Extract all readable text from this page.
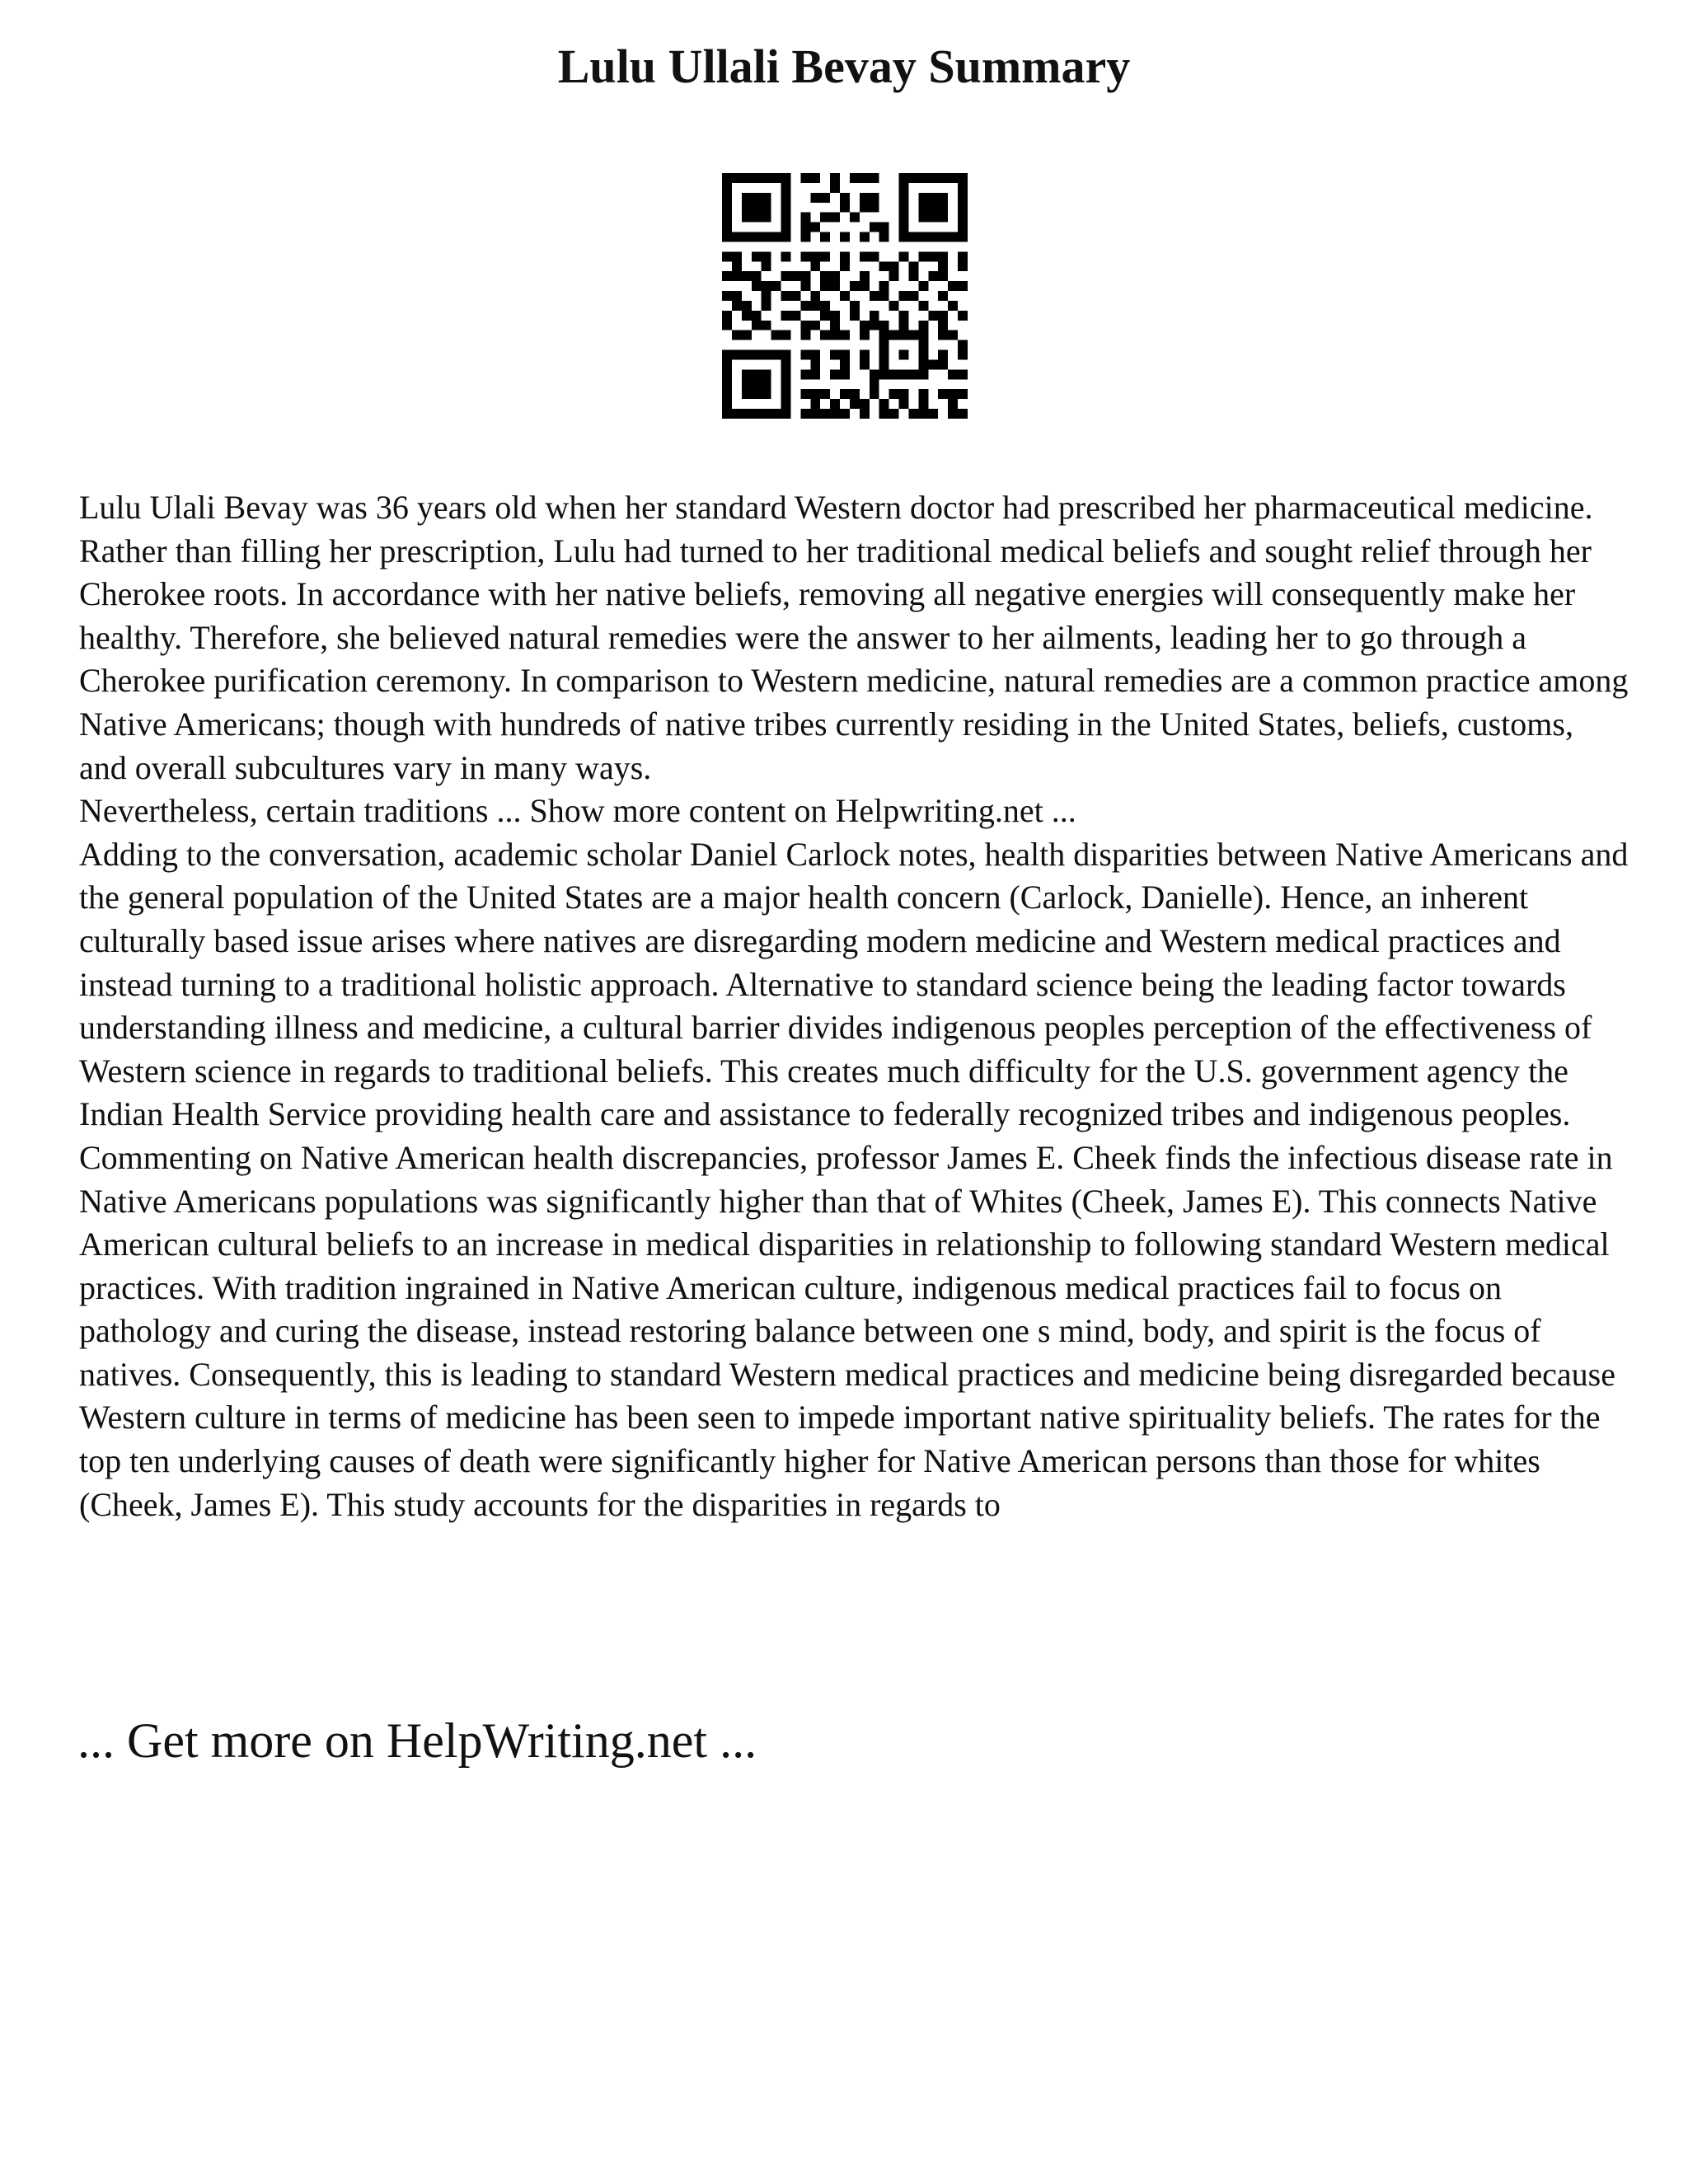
Lulu Ullali Bevay Summary

Lulu Ulali Bevay was 36 years old when her standard Western doctor had prescribed her pharmaceutical medicine. Rather than filling her prescription, Lulu had turned to her traditional medical beliefs and sought relief through her Cherokee roots. In accordance with her native beliefs, removing all negative energies will consequently make her healthy. Therefore, she believed natural remedies were the answer to her ailments, leading her to go through a Cherokee purification ceremony. In comparison to Western medicine, natural remedies are a common practice among Native Americans; though with hundreds of native tribes currently residing in the United States, beliefs, customs, and overall subcultures vary in many ways.

Nevertheless, certain traditions ... Show more content on Helpwriting.net ...

Adding to the conversation, academic scholar Daniel Carlock notes, health disparities between Native Americans and the general population of the United States are a major health concern (Carlock, Danielle). Hence, an inherent culturally based issue arises where natives are disregarding modern medicine and Western medical practices and instead turning to a traditional holistic approach. Alternative to standard science being the leading factor towards understanding illness and medicine, a cultural barrier divides indigenous peoples perception of the effectiveness of Western science in regards to traditional beliefs. This creates much difficulty for the U.S. government agency the Indian Health Service providing health care and assistance to federally recognized tribes and indigenous peoples. Commenting on Native American health discrepancies, professor James E. Cheek finds the infectious disease rate in Native Americans populations was significantly higher than that of Whites (Cheek, James E). This connects Native American cultural beliefs to an increase in medical disparities in relationship to following standard Western medical practices. With tradition ingrained in Native American culture, indigenous medical practices fail to focus on pathology and curing the disease, instead restoring balance between one s mind, body, and spirit is the focus of natives. Consequently, this is leading to standard Western medical practices and medicine being disregarded because Western culture in terms of medicine has been seen to impede important native spirituality beliefs. The rates for the top ten underlying causes of death were significantly higher for Native American persons than those for whites (Cheek, James E). This study accounts for the disparities in regards to

... Get more on HelpWriting.net ...
